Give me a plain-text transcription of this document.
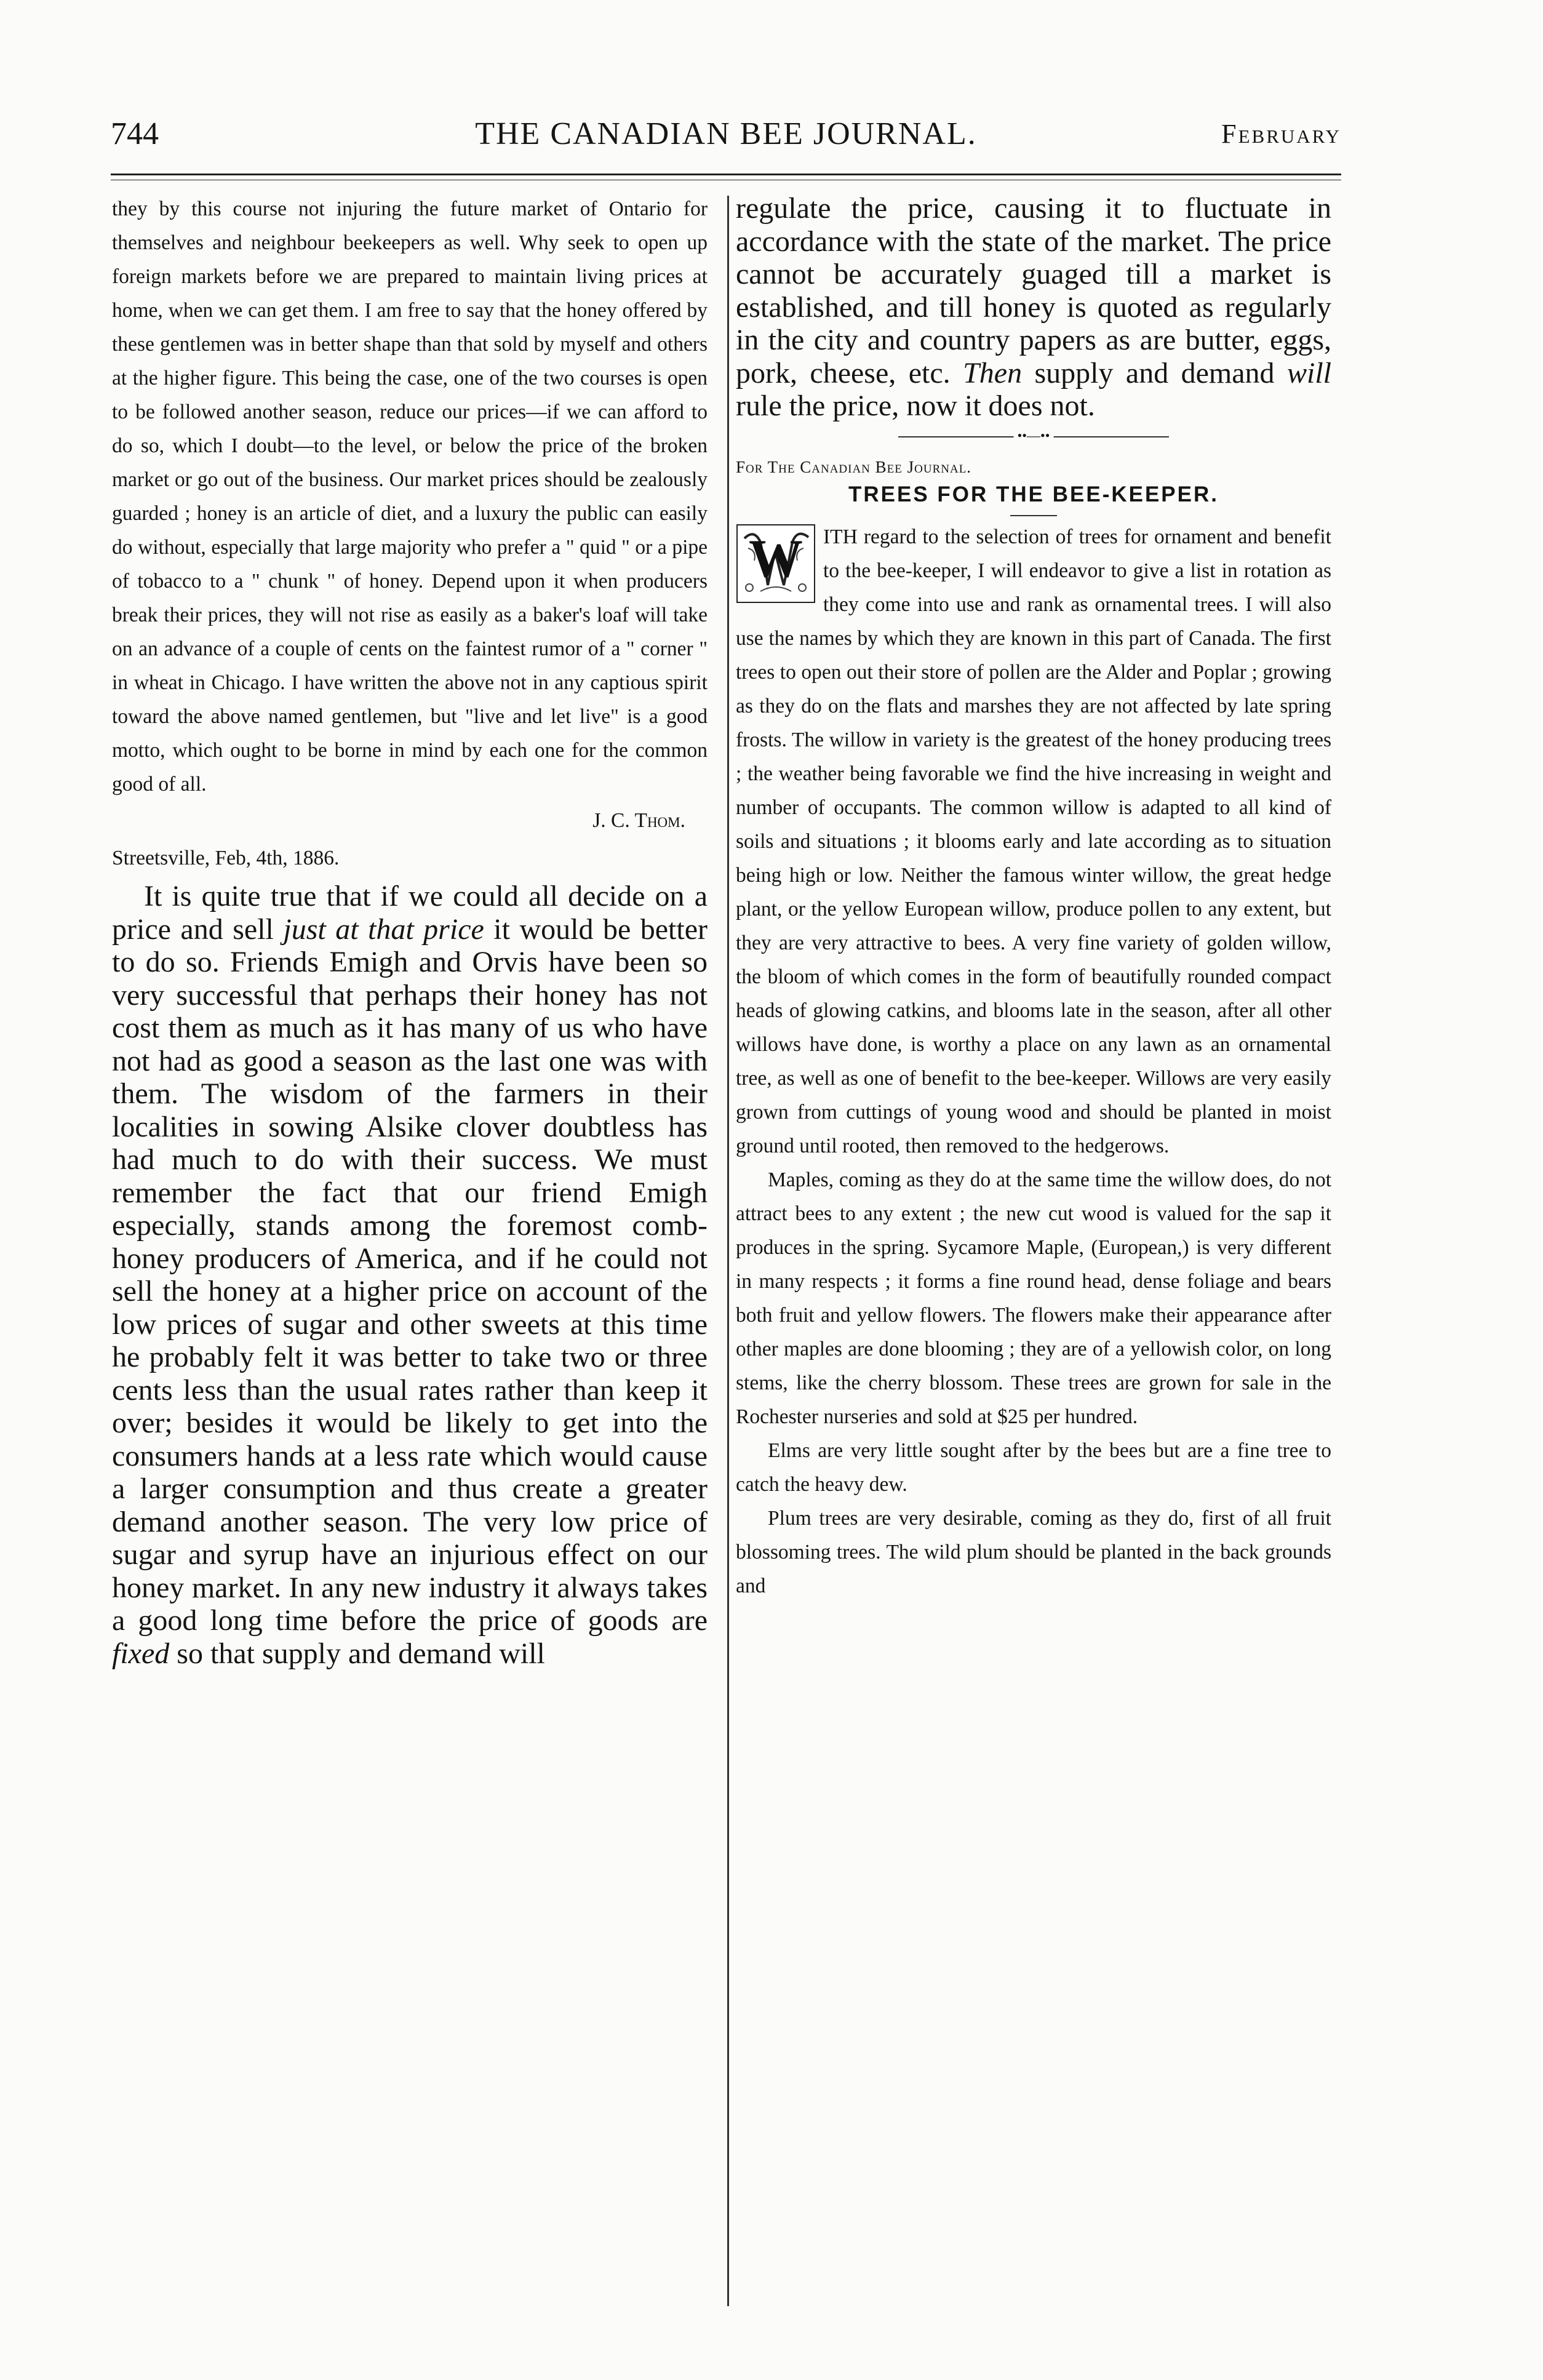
744	THE CANADIAN BEE JOURNAL.	February

they by this course not injuring the future market of Ontario for themselves and neighbour beekeepers as well. Why seek to open up foreign markets before we are prepared to maintain living prices at home, when we can get them. I am free to say that the honey offered by these gentlemen was in better shape than that sold by myself and others at the higher figure. This being the case, one of the two courses is open to be followed another season, reduce our prices—if we can afford to do so, which I doubt—to the level, or below the price of the broken market or go out of the business. Our market prices should be zealously guarded ; honey is an article of diet, and a luxury the public can easily do without, especially that large majority who prefer a " quid " or a pipe of tobacco to a " chunk " of honey. Depend upon it when producers break their prices, they will not rise as easily as a baker's loaf will take on an advance of a couple of cents on the faintest rumor of a " corner " in wheat in Chicago. I have written the above not in any captious spirit toward the above named gentlemen, but "live and let live" is a good motto, which ought to be borne in mind by each one for the common good of all.

J. C. Thom.

Streetsville, Feb, 4th, 1886.

It is quite true that if we could all decide on a price and sell just at that price it would be better to do so. Friends Emigh and Orvis have been so very successful that perhaps their honey has not cost them as much as it has many of us who have not had as good a season as the last one was with them. The wisdom of the farmers in their localities in sowing Alsike clover doubtless has had much to do with their success. We must remember the fact that our friend Emigh especially, stands among the foremost comb-honey producers of America, and if he could not sell the honey at a higher price on account of the low prices of sugar and other sweets at this time he probably felt it was better to take two or three cents less than the usual rates rather than keep it over; besides it would be likely to get into the consumers hands at a less rate which would cause a larger consumption and thus create a greater demand another season. The very low price of sugar and syrup have an injurious effect on our honey market. In any new industry it always takes a good long time before the price of goods are fixed so that supply and demand will

regulate the price, causing it to fluctuate in accordance with the state of the market. The price cannot be accurately guaged till a market is established, and till honey is quoted as regularly in the city and country papers as are butter, eggs, pork, cheese, etc. Then supply and demand will rule the price, now it does not.

••—••

For The Canadian Bee Journal.

TREES FOR THE BEE-KEEPER.

W ITH regard to the selection of trees for ornament and benefit to the bee-keeper, I will endeavor to give a list in rotation as they come into use and rank as ornamental trees. I will also use the names by which they are known in this part of Canada. The first trees to open out their store of pollen are the Alder and Poplar ; growing as they do on the flats and marshes they are not affected by late spring frosts. The willow in variety is the greatest of the honey producing trees ; the weather being favorable we find the hive increasing in weight and number of occupants. The common willow is adapted to all kind of soils and situations ; it blooms early and late according as to situation being high or low. Neither the famous winter willow, the great hedge plant, or the yellow European willow, produce pollen to any extent, but they are very attractive to bees. A very fine variety of golden willow, the bloom of which comes in the form of beautifully rounded compact heads of glowing catkins, and blooms late in the season, after all other willows have done, is worthy a place on any lawn as an ornamental tree, as well as one of benefit to the bee-keeper. Willows are very easily grown from cuttings of young wood and should be planted in moist ground until rooted, then removed to the hedgerows.

Maples, coming as they do at the same time the willow does, do not attract bees to any extent ; the new cut wood is valued for the sap it produces in the spring. Sycamore Maple, (European,) is very different in many respects ; it forms a fine round head, dense foliage and bears both fruit and yellow flowers. The flowers make their appearance after other maples are done blooming ; they are of a yellowish color, on long stems, like the cherry blossom. These trees are grown for sale in the Rochester nurseries and sold at $25 per hundred.

Elms are very little sought after by the bees but are a fine tree to catch the heavy dew.

Plum trees are very desirable, coming as they do, first of all fruit blossoming trees. The wild plum should be planted in the back grounds and
